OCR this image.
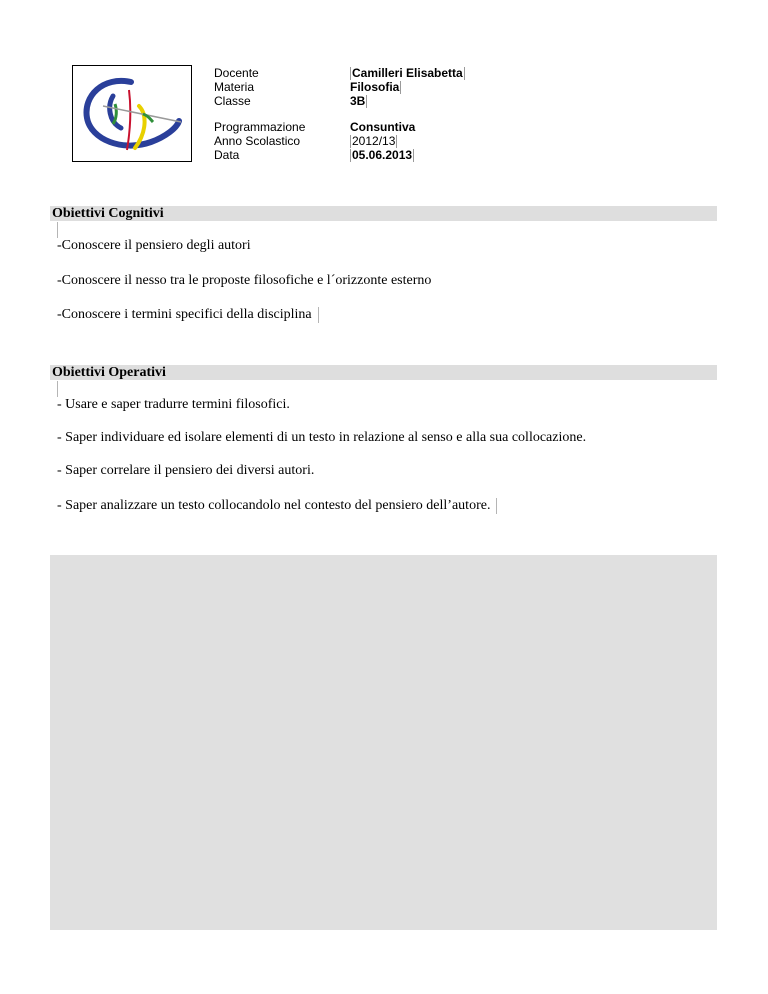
Docente
Materia
Classe
Programmazione
Anno Scolastico
Data
Camilleri Elisabetta
Filosofia
3B
Consuntiva
2012/13
05.06.2013
Obiettivi Cognitivi
-Conoscere il pensiero degli autori
-Conoscere il nesso tra le proposte filosofiche e l´orizzonte esterno
-Conoscere i termini specifici della disciplina
Obiettivi Operativi
- Usare e saper tradurre termini filosofici.
- Saper individuare ed isolare elementi di un testo in relazione al senso e alla sua collocazione.
- Saper correlare il pensiero dei diversi autori.
- Saper analizzare un testo collocandolo nel contesto del pensiero dell’autore.
